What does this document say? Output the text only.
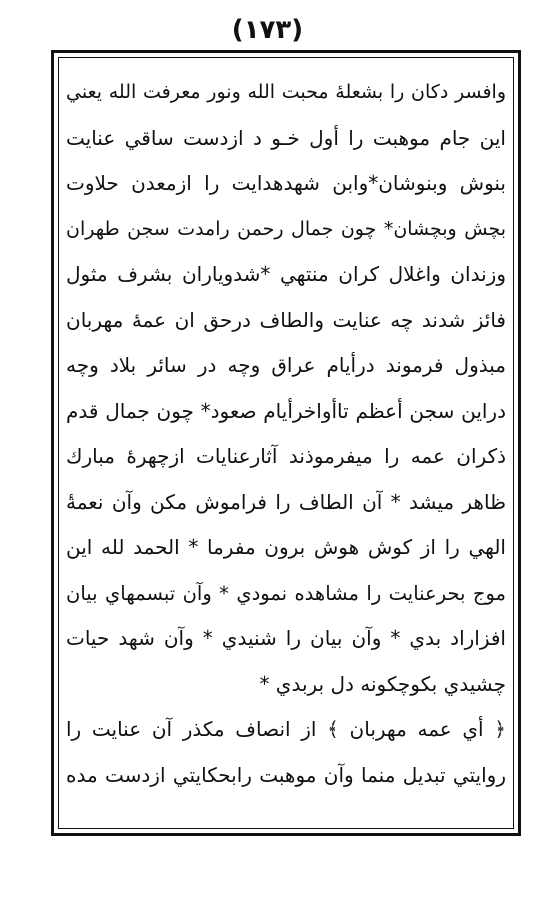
(١٧٣)
وافسر دكان را بشعلهٔ محبت الله ونور معرفت الله يعني
اين جام موهبت را أول خـو د ازدست ساقي عنايت
بنوش وبنوشان*وابن شهدهدايت را ازمعدن حلاوت
بچش وبچشان* چون جمال رحمن رامدت سجن طهران
وزندان واغلال كران منتهي *شدوياران بشرف مثول
فائز شدند چه عنايت والطاف درحق ان عمهٔ مهربان
مبذول فرموند درأيام عراق وچه در سائر بلاد وچه
دراين سجن أعظم تاأواخرأيام صعود* چون جمال قدم
ذكران عمه را ميفرموذند آثارعنايات ازچهرهٔ مبارك
ظاهر ميشد * آن الطاف را فراموش مكن وآن نعمةٔ
الهي را از كوش هوش برون مفرما * الحمد لله اين
موج بحرعنايت را مشاهده نمودي * وآن تبسمهاي بيان
افزاراد بدي * وآن بيان را شنيدي * وآن شهد حيات
چشيدي بكوچكونه دل بربدي *
﴿ أي عمه مهربان ﴾ از انصاف مكذر آن عنايت را
روايتي تبديل منما وآن موهبت رابحكايتي ازدست مده
